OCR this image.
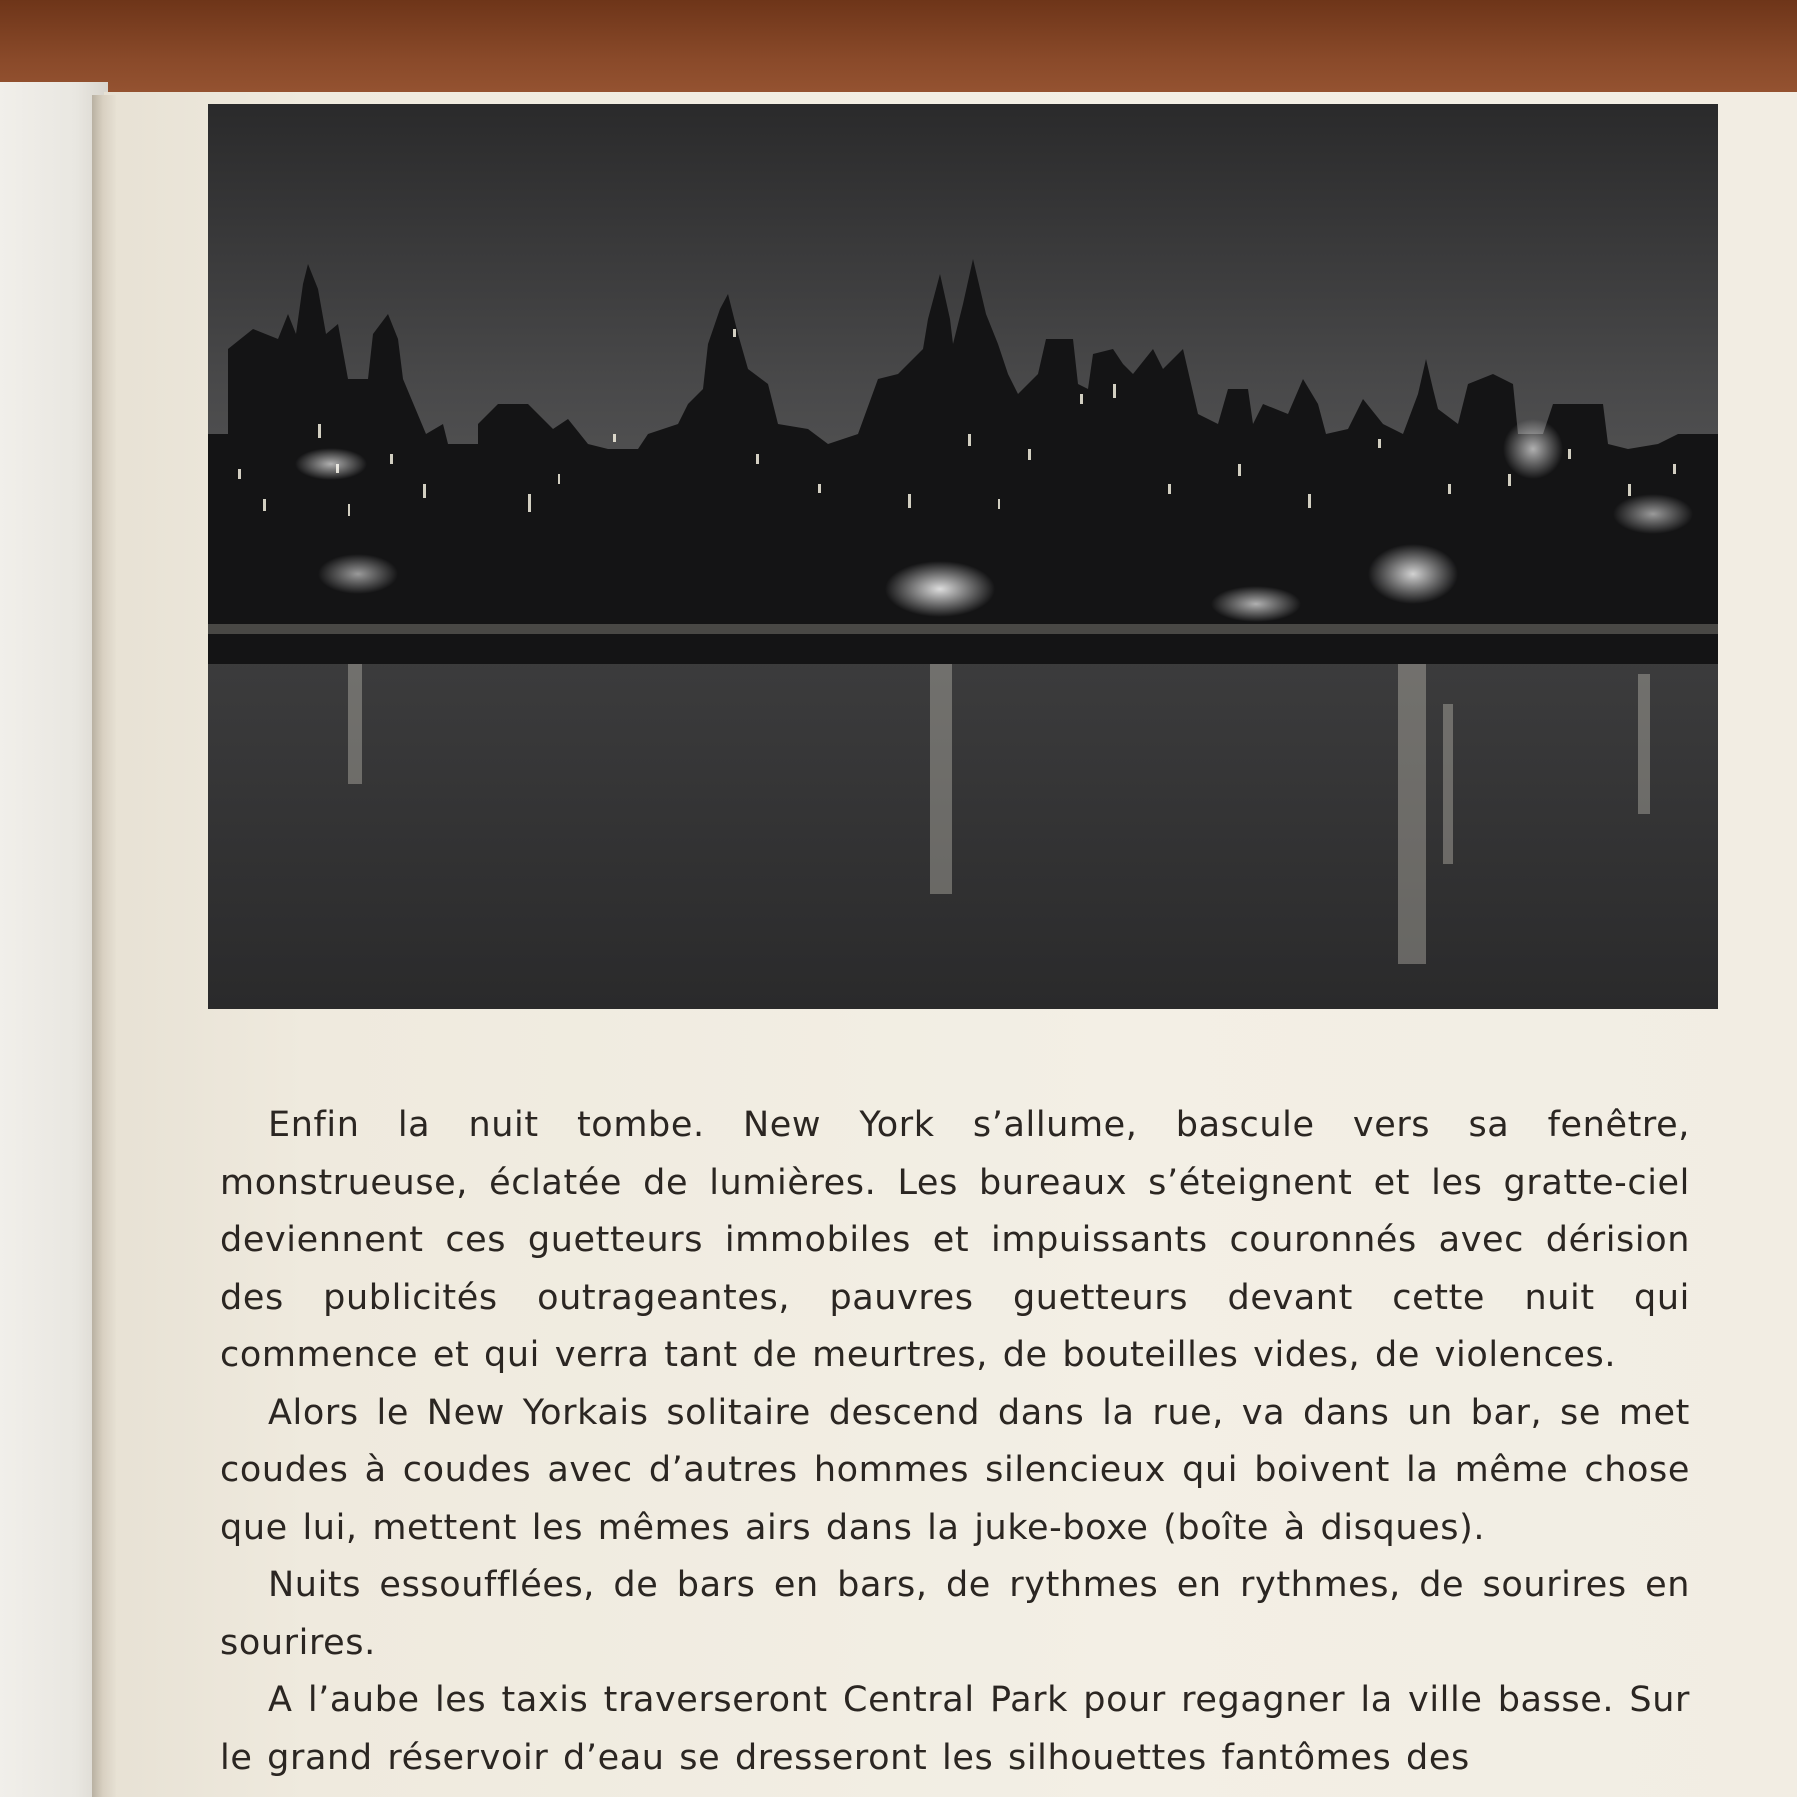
Enfin la nuit tombe. New York s’allume, bascule vers sa fenêtre, monstrueuse, éclatée de lumières. Les bureaux s’éteignent et les gratte-ciel deviennent ces guetteurs immobiles et impuissants couronnés avec dérision des publicités outrageantes, pauvres guetteurs devant cette nuit qui commence et qui verra tant de meurtres, de bouteilles vides, de violences.

Alors le New Yorkais solitaire descend dans la rue, va dans un bar, se met coudes à coudes avec d’autres hommes silencieux qui boivent la même chose que lui, mettent les mêmes airs dans la juke-boxe (boîte à disques).

Nuits essoufflées, de bars en bars, de rythmes en rythmes, de sourires en sourires.

A l’aube les taxis traverseront Central Park pour regagner la ville basse. Sur le grand réservoir d’eau se dresseront les silhouettes fantômes des
